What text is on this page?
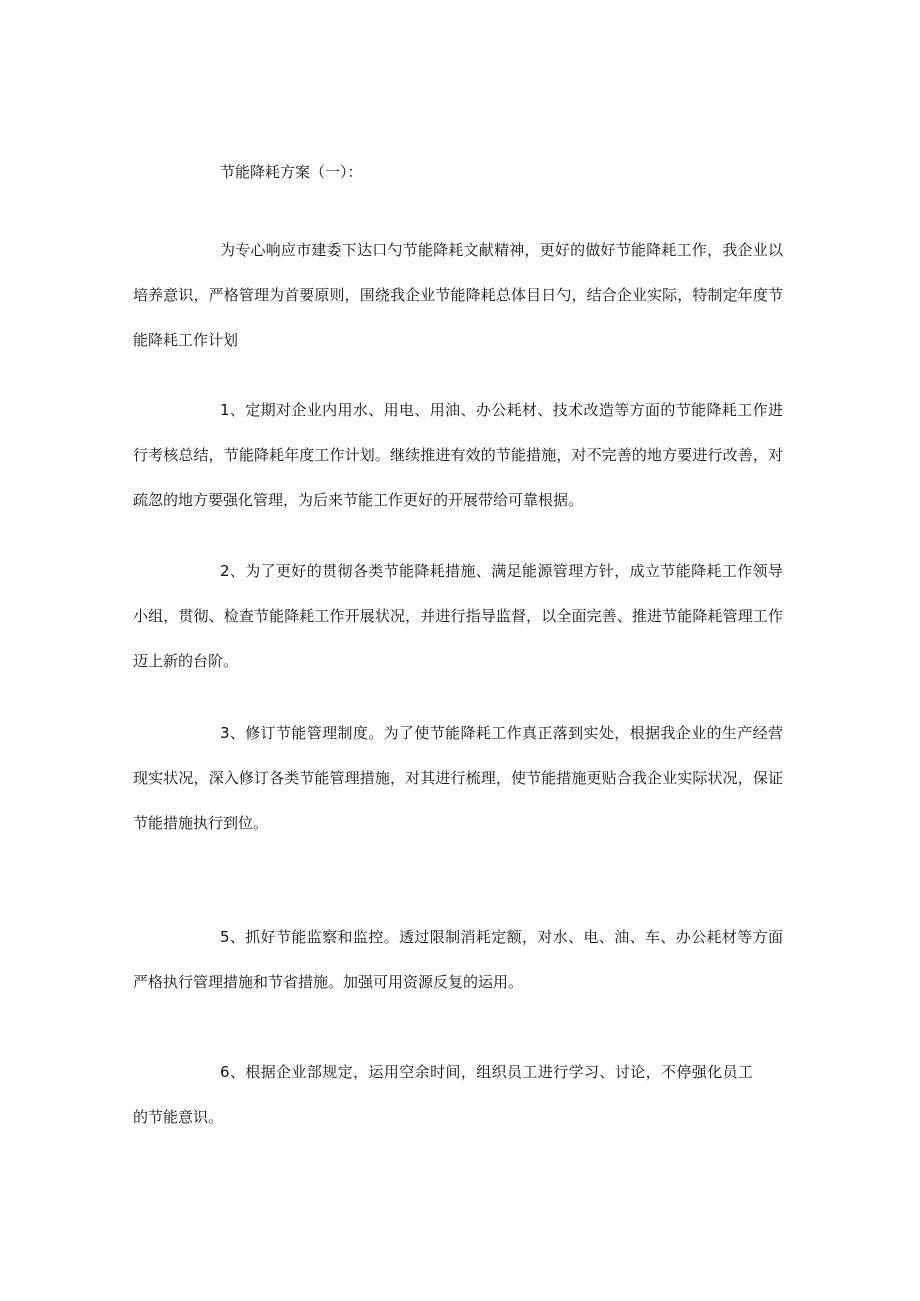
节能降耗方案（一）：

为专心响应市建委下达口勺节能降耗文献精神，更好的做好节能降耗工作，我企业以培养意识，严格管理为首要原则，围绕我企业节能降耗总体目日勺，结合企业实际，特制定年度节能降耗工作计划

1、定期对企业内用水、用电、用油、办公耗材、技术改造等方面的节能降耗工作进行考核总结，节能降耗年度工作计划。继续推进有效的节能措施，对不完善的地方要进行改善，对疏忽的地方要强化管理，为后来节能工作更好的开展带给可靠根据。

2、为了更好的贯彻各类节能降耗措施、满足能源管理方针，成立节能降耗工作领导小组，贯彻、检查节能降耗工作开展状况，并进行指导监督，以全面完善、推进节能降耗管理工作迈上新的台阶。

3、修订节能管理制度。为了使节能降耗工作真正落到实处，根据我企业的生产经营现实状况，深入修订各类节能管理措施，对其进行梳理，使节能措施更贴合我企业实际状况，保证节能措施执行到位。

5、抓好节能监察和监控。透过限制消耗定额，对水、电、油、车、办公耗材等方面严格执行管理措施和节省措施。加强可用资源反复的运用。

6、根据企业部规定，运用空余时间，组织员工进行学习、讨论，不停强化员工的节能意识。
